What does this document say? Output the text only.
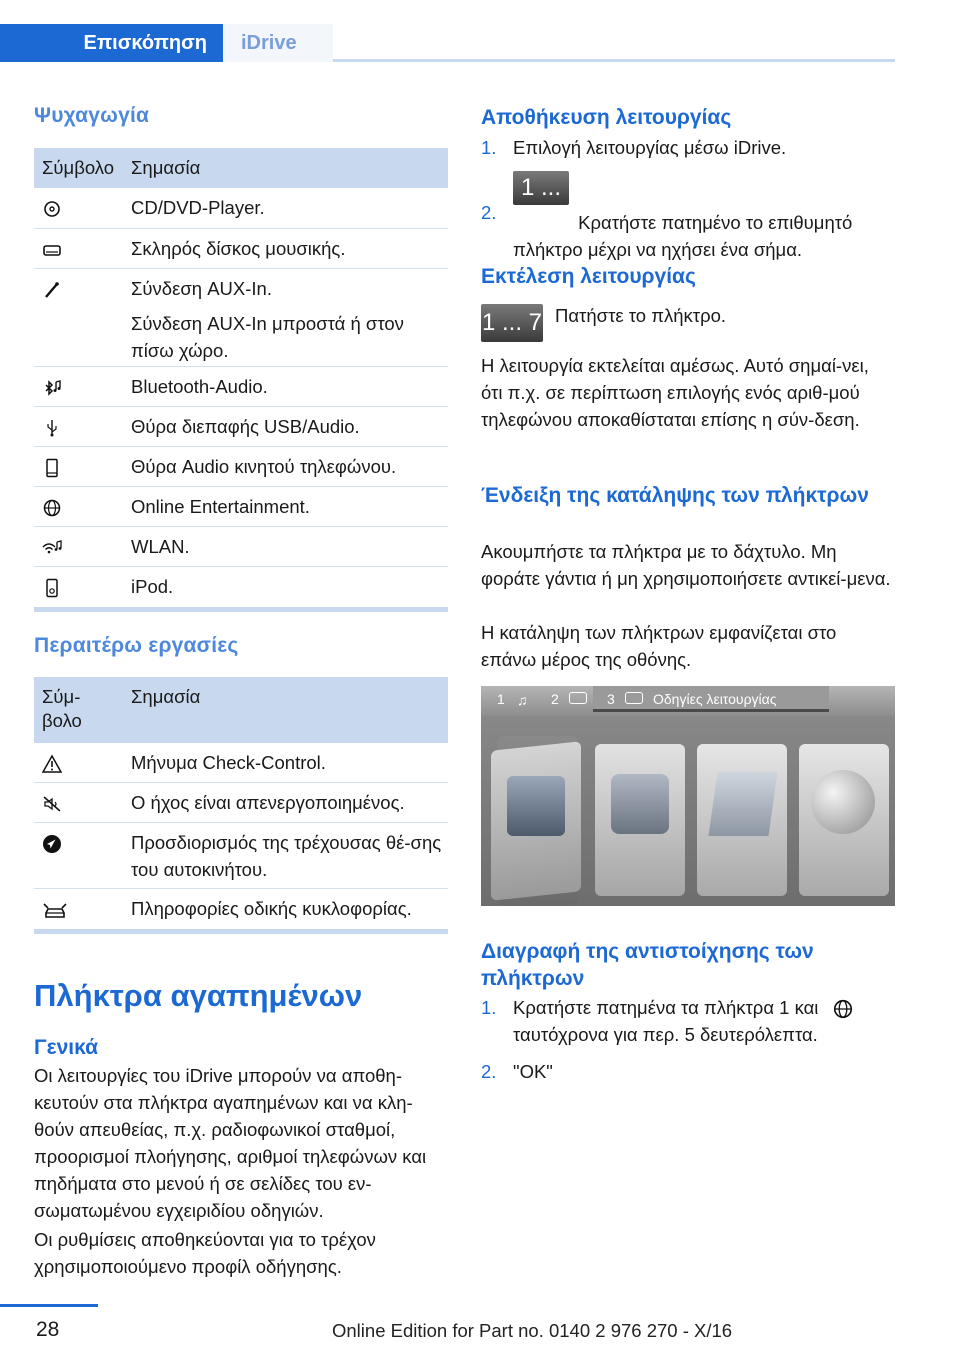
Επισκόπηση	iDrive
Ψυχαγωγία
Σύμβολο Σημασία
CD/DVD-Player.
Σκληρός δίσκος μουσικής.
Σύνδεση AUX-In.
Σύνδεση AUX-In μπροστά ή στον πίσω χώρο.
Bluetooth-Audio.
Θύρα διεπαφής USB/Audio.
Θύρα Audio κινητού τηλεφώνου.
Online Entertainment.
WLAN.
iPod.
Περαιτέρω εργασίες
Σύμ-βολο
Σημασία
Μήνυμα Check-Control.
Ο ήχος είναι απενεργοποιημένος.
Προσδιορισμός της τρέχουσας θέ-σης του αυτοκινήτου.
Πληροφορίες οδικής κυκλοφορίας.
Πλήκτρα αγαπημένων
Γενικά
Οι λειτουργίες του iDrive μπορούν να αποθη-κευτούν στα πλήκτρα αγαπημένων και να κλη-θούν απευθείας, π.χ. ραδιοφωνικοί σταθμοί, προορισμοί πλοήγησης, αριθμοί τηλεφώνων και πηδήματα στο μενού ή σε σελίδες του εν-σωματωμένου εγχειριδίου οδηγιών.
Οι ρυθμίσεις αποθηκεύονται για το τρέχον χρησιμοποιούμενο προφίλ οδήγησης.
Αποθήκευση λειτουργίας
1. Επιλογή λειτουργίας μέσω iDrive.
2.
1 ... 7 Κρατήστε πατημένο το επιθυμητό πλήκτρο μέχρι να ηχήσει ένα σήμα.
Εκτέλεση λειτουργίας
1 ... 7 Πατήστε το πλήκτρο.
Η λειτουργία εκτελείται αμέσως. Αυτό σημαί-νει, ότι π.χ. σε περίπτωση επιλογής ενός αριθ-μού τηλεφώνου αποκαθίσταται επίσης η σύν-δεση.
Ένδειξη της κατάληψης των πλήκτρων
Ακουμπήστε τα πλήκτρα με το δάχτυλο. Μη φοράτε γάντια ή μη χρησιμοποιήσετε αντικεί-μενα.
Η κατάληψη των πλήκτρων εμφανίζεται στο επάνω μέρος της οθόνης.
1 ♫ 2	3	Οδηγίες λειτουργίας
Διαγραφή της αντιστοίχησης των πλήκτρων
1. Κρατήστε πατημένα τα πλήκτρα 1 και

ταυτόχρονα για περ. 5 δευτερόλεπτα.
2. "OK"
28	Online Edition for Part no. 0140 2 976 270 - X/16
